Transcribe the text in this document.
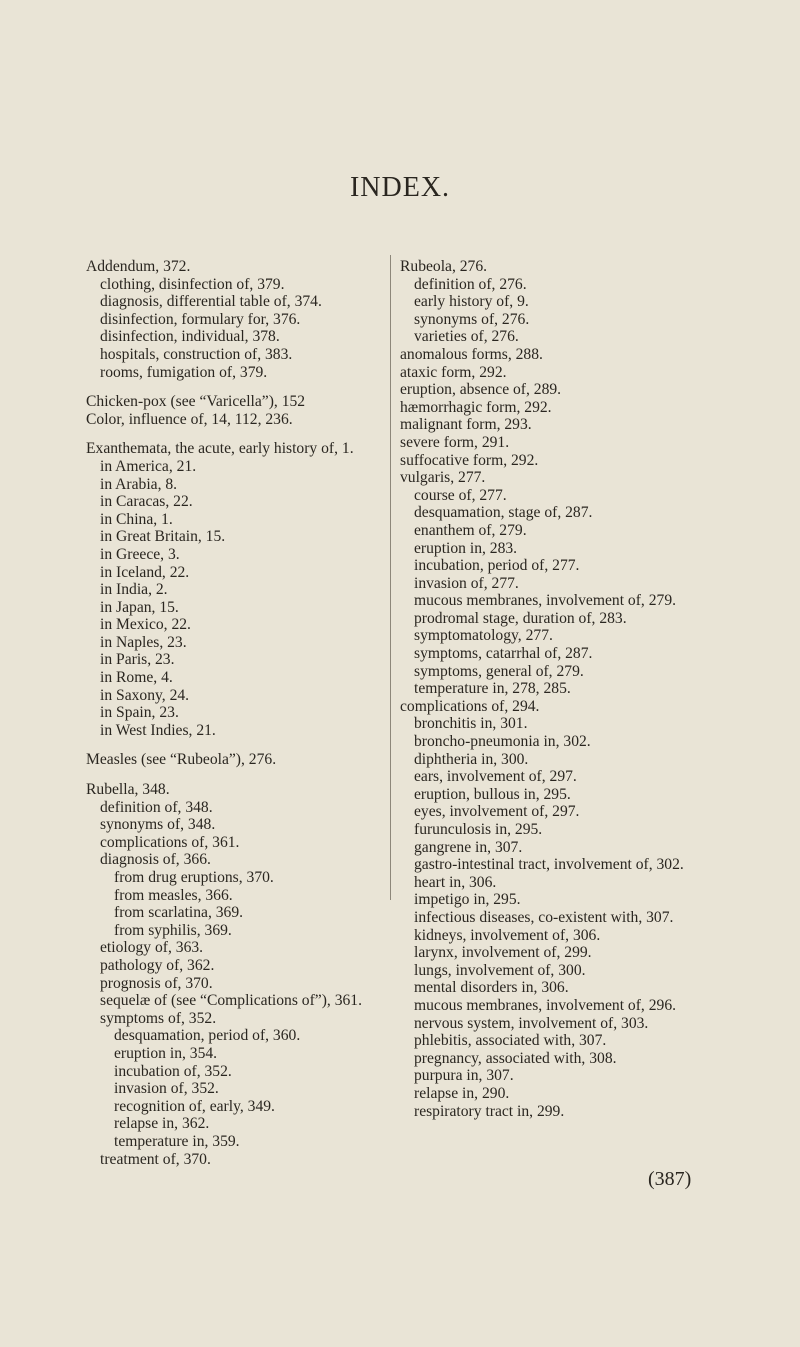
INDEX.
Addendum, 372.
clothing, disinfection of, 379.
diagnosis, differential table of, 374.
disinfection, formulary for, 376.
disinfection, individual, 378.
hospitals, construction of, 383.
rooms, fumigation of, 379.
Chicken-pox (see “Varicella”), 152
Color, influence of, 14, 112, 236.
Exanthemata, the acute, early history of, 1.
in America, 21.
in Arabia, 8.
in Caracas, 22.
in China, 1.
in Great Britain, 15.
in Greece, 3.
in Iceland, 22.
in India, 2.
in Japan, 15.
in Mexico, 22.
in Naples, 23.
in Paris, 23.
in Rome, 4.
in Saxony, 24.
in Spain, 23.
in West Indies, 21.
Measles (see “Rubeola”), 276.
Rubella, 348.
definition of, 348.
synonyms of, 348.
complications of, 361.
diagnosis of, 366.
from drug eruptions, 370.
from measles, 366.
from scarlatina, 369.
from syphilis, 369.
etiology of, 363.
pathology of, 362.
prognosis of, 370.
sequelæ of (see “Complications of”), 361.
symptoms of, 352.
desquamation, period of, 360.
eruption in, 354.
incubation of, 352.
invasion of, 352.
recognition of, early, 349.
relapse in, 362.
temperature in, 359.
treatment of, 370.
Rubeola, 276.
definition of, 276.
early history of, 9.
synonyms of, 276.
varieties of, 276.
anomalous forms, 288.
ataxic form, 292.
eruption, absence of, 289.
hæmorrhagic form, 292.
malignant form, 293.
severe form, 291.
suffocative form, 292.
vulgaris, 277.
course of, 277.
desquamation, stage of, 287.
enanthem of, 279.
eruption in, 283.
incubation, period of, 277.
invasion of, 277.
mucous membranes, involvement of, 279.
prodromal stage, duration of, 283.
symptomatology, 277.
symptoms, catarrhal of, 287.
symptoms, general of, 279.
temperature in, 278, 285.
complications of, 294.
bronchitis in, 301.
broncho-pneumonia in, 302.
diphtheria in, 300.
ears, involvement of, 297.
eruption, bullous in, 295.
eyes, involvement of, 297.
furunculosis in, 295.
gangrene in, 307.
gastro-intestinal tract, involvement of, 302.
heart in, 306.
impetigo in, 295.
infectious diseases, co-existent with, 307.
kidneys, involvement of, 306.
larynx, involvement of, 299.
lungs, involvement of, 300.
mental disorders in, 306.
mucous membranes, involvement of, 296.
nervous system, involvement of, 303.
phlebitis, associated with, 307.
pregnancy, associated with, 308.
purpura in, 307.
relapse in, 290.
respiratory tract in, 299.
(387)
